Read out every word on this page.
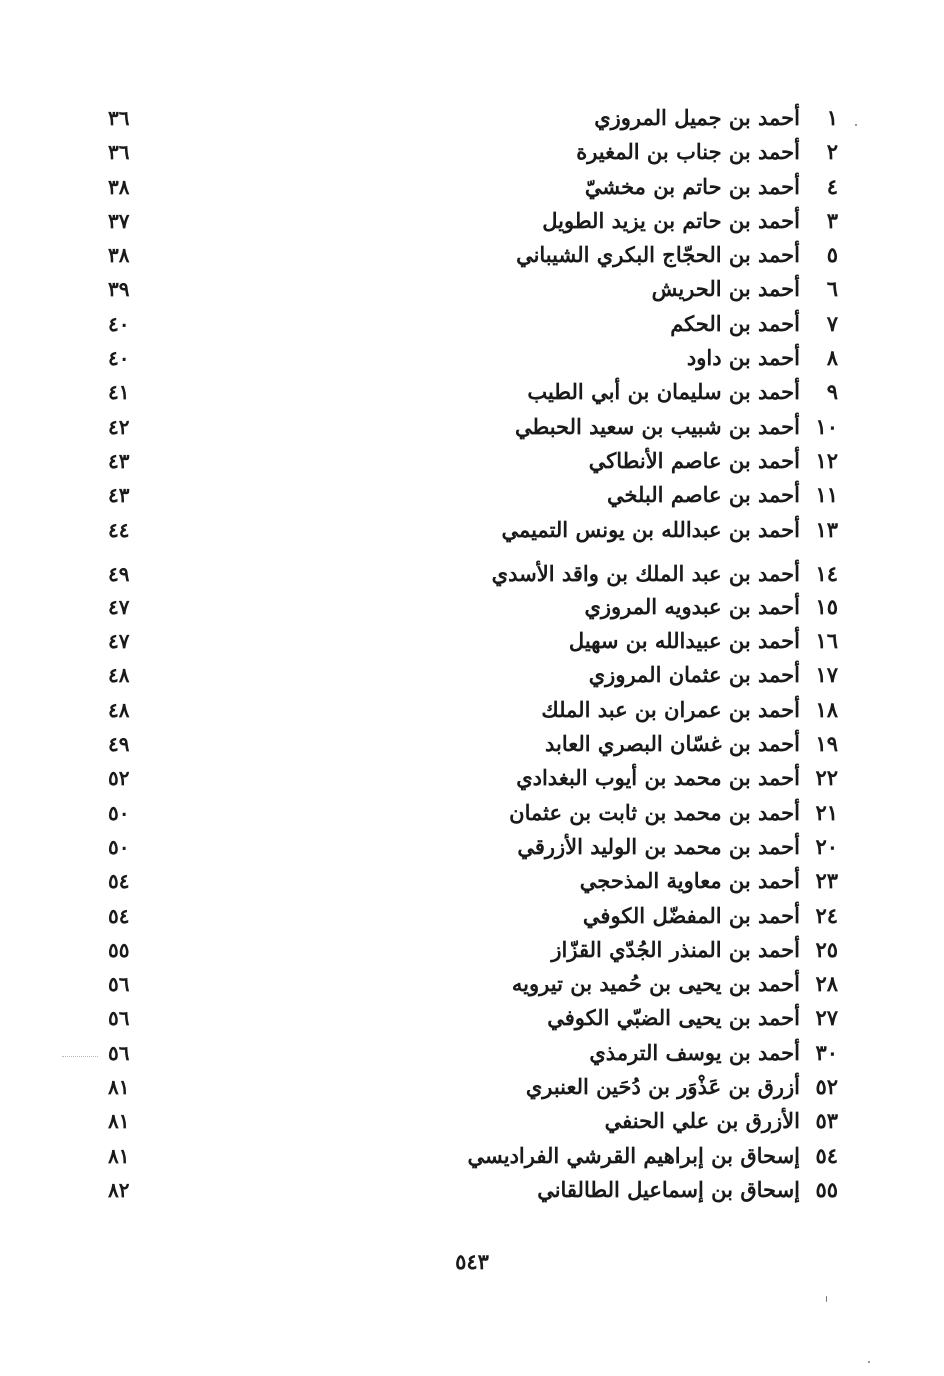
١أحمد بن جميل المروزي
٣٦
٢أحمد بن جناب بن المغيرة
٣٦
٤أحمد بن حاتم بن مخشيّ
٣٨
٣أحمد بن حاتم بن يزيد الطويل
٣٧
٥أحمد بن الحجّاج البكري الشيباني
٣٨
٦أحمد بن الحريش
٣٩
٧أحمد بن الحكم
٤٠
٨أحمد بن داود
٤٠
٩أحمد بن سليمان بن أبي الطيب
٤١
١٠أحمد بن شبيب بن سعيد الحبطي
٤٢
١٢أحمد بن عاصم الأنطاكي
٤٣
١١أحمد بن عاصم البلخي
٤٣
١٣أحمد بن عبدالله بن يونس التميمي
٤٤
١٤أحمد بن عبد الملك بن واقد الأسدي
٤٩
١٥أحمد بن عبدويه المروزي
٤٧
١٦أحمد بن عبيدالله بن سهيل
٤٧
١٧أحمد بن عثمان المروزي
٤٨
١٨أحمد بن عمران بن عبد الملك
٤٨
١٩أحمد بن غسّان البصري العابد
٤٩
٢٢أحمد بن محمد بن أيوب البغدادي
٥٢
٢١أحمد بن محمد بن ثابت بن عثمان
٥٠
٢٠أحمد بن محمد بن الوليد الأزرقي
٥٠
٢٣أحمد بن معاوية المذحجي
٥٤
٢٤أحمد بن المفضّل الكوفي
٥٤
٢٥أحمد بن المنذر الجُدّي القزّاز
٥٥
٢٨أحمد بن يحيى بن حُميد بن تيرويه
٥٦
٢٧أحمد بن يحيى الضبّي الكوفي
٥٦
٣٠أحمد بن يوسف الترمذي
٥٦
٥٢أزرق بن عَذْوَر بن دُحَين العنبري
٨١
٥٣الأزرق بن علي الحنفي
٨١
٥٤إسحاق بن إبراهيم القرشي الفراديسي
٨١
٥٥إسحاق بن إسماعيل الطالقاني
٨٢
٥٤٣
